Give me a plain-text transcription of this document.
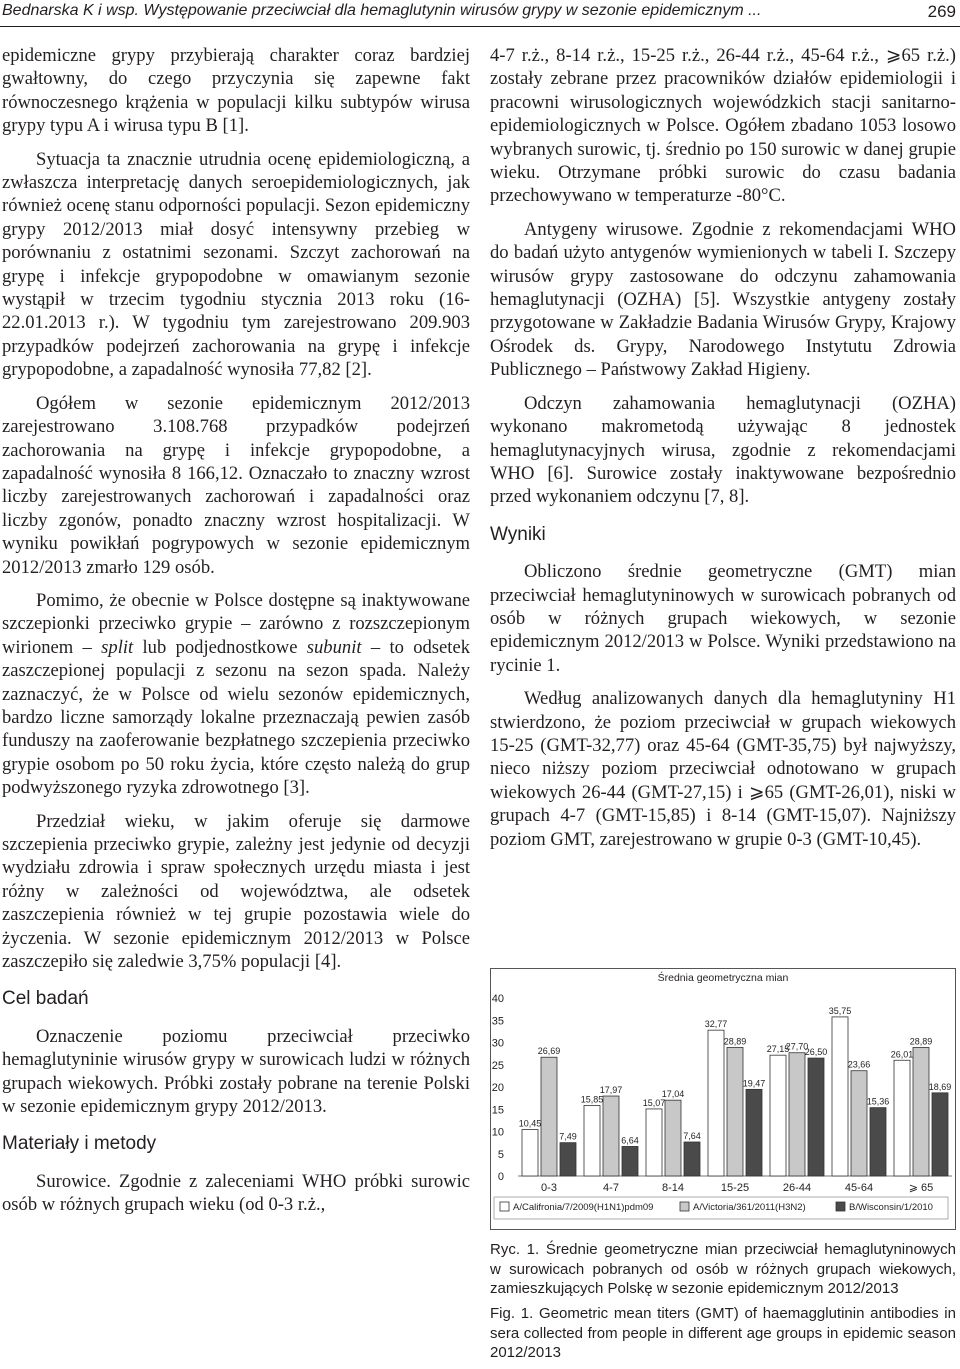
Bednarska K i wsp. Występowanie przeciwciał dla hemaglutynin wirusów grypy w sezonie epidemicznym ...	269

epidemiczne grypy przybierają charakter coraz bardziej gwałtowny, do czego przyczynia się zapewne fakt równoczesnego krążenia w populacji kilku subtypów wirusa grypy typu A i wirusa typu B [1].

Sytuacja ta znacznie utrudnia ocenę epidemiologiczną, a zwłaszcza interpretację danych seroepidemiologicznych, jak również ocenę stanu odporności populacji. Sezon epidemiczny grypy 2012/2013 miał dosyć intensywny przebieg w porównaniu z ostatnimi sezonami. Szczyt zachorowań na grypę i infekcje grypopodobne w omawianym sezonie wystąpił w trzecim tygodniu stycznia 2013 roku (16-22.01.2013 r.). W tygodniu tym zarejestrowano 209.903 przypadków podejrzeń zachorowania na grypę i infekcje grypopodobne, a zapadalność wynosiła 77,82 [2].

Ogółem w sezonie epidemicznym 2012/2013 zarejestrowano 3.108.768 przypadków podejrzeń zachorowania na grypę i infekcje grypopodobne, a zapadalność wynosiła 8 166,12. Oznaczało to znaczny wzrost liczby zarejestrowanych zachorowań i zapadalności oraz liczby zgonów, ponadto znaczny wzrost hospitalizacji. W wyniku powikłań pogrypowych w sezonie epidemicznym 2012/2013 zmarło 129 osób.

Pomimo, że obecnie w Polsce dostępne są inaktywowane szczepionki przeciwko grypie – zarówno z rozszczepionym wirionem – split lub podjednostkowe subunit – to odsetek zaszczepionej populacji z sezonu na sezon spada. Należy zaznaczyć, że w Polsce od wielu sezonów epidemicznych, bardzo liczne samorządy lokalne przeznaczają pewien zasób funduszy na zaoferowanie bezpłatnego szczepienia przeciwko grypie osobom po 50 roku życia, które często należą do grup podwyższonego ryzyka zdrowotnego [3].

Przedział wieku, w jakim oferuje się darmowe szczepienia przeciwko grypie, zależny jest jedynie od decyzji wydziału zdrowia i spraw społecznych urzędu miasta i jest różny w zależności od województwa, ale odsetek zaszczepienia również w tej grupie pozostawia wiele do życzenia. W sezonie epidemicznym 2012/2013 w Polsce zaszczepiło się zaledwie 3,75% populacji [4].

Cel badań

Oznaczenie poziomu przeciwciał przeciwko hemaglutyninie wirusów grypy w surowicach ludzi w różnych grupach wiekowych. Próbki zostały pobrane na terenie Polski w sezonie epidemicznym grypy 2012/2013.

Materiały i metody

Surowice. Zgodnie z zaleceniami WHO próbki surowic osób w różnych grupach wieku (od 0-3 r.ż.,

4-7 r.ż., 8-14 r.ż., 15-25 r.ż., 26-44 r.ż., 45-64 r.ż., ⩾65 r.ż.) zostały zebrane przez pracowników działów epidemiologii i pracowni wirusologicznych wojewódzkich stacji sanitarno-epidemiologicznych w Polsce. Ogółem zbadano 1053 losowo wybranych surowic, tj. średnio po 150 surowic w danej grupie wieku. Otrzymane próbki surowic do czasu badania przechowywano w temperaturze -80°C.

Antygeny wirusowe. Zgodnie z rekomendacjami WHO do badań użyto antygenów wymienionych w tabeli I. Szczepy wirusów grypy zastosowane do odczynu zahamowania hemaglutynacji (OZHA) [5]. Wszystkie antygeny zostały przygotowane w Zakładzie Badania Wirusów Grypy, Krajowy Ośrodek ds. Grypy, Narodowego Instytutu Zdrowia Publicznego – Państwowy Zakład Higieny.

Odczyn zahamowania hemaglutynacji (OZHA) wykonano makrometodą używając 8 jednostek hemaglutynacyjnych wirusa, zgodnie z rekomendacjami WHO [6]. Surowice zostały inaktywowane bezpośrednio przed wykonaniem odczynu [7, 8].

Wyniki

Obliczono średnie geometryczne (GMT) mian przeciwciał hemaglutyninowych w surowicach pobranych od osób w różnych grupach wiekowych, w sezonie epidemicznym 2012/2013 w Polsce. Wyniki przedstawiono na rycinie 1.

Według analizowanych danych dla hemaglutyniny H1 stwierdzono, że poziom przeciwciał w grupach wiekowych 15-25 (GMT-32,77) oraz 45-64 (GMT-35,75) był najwyższy, nieco niższy poziom przeciwciał odnotowano w grupach wiekowych 26-44 (GMT-27,15) i ⩾65 (GMT-26,01), niski w grupach 4-7 (GMT-15,85) i 8-14 (GMT-15,07). Najniższy poziom GMT, zarejestrowano w grupie 0-3 (GMT-10,45).

Średnia geometryczna mian
0
5
10
15
20
25
30
35
40
10,45
26,69
7,49
0-3
15,85
17,97
6,64
4-7
15,07
17,04
7,64
8-14
32,77
28,89
19,47
15-25
27,15
27,70
26,50
26-44
35,75
23,66
15,36
45-64
26,01
28,89
18,69
⩾ 65
A/Califronia/7/2009(H1N1)pdm09	A/Victoria/361/2011(H3N2)	B/Wisconsin/1/2010
Ryc. 1. Średnie geometryczne mian przeciwciał hemaglutyninowych w surowicach pobranych od osób w różnych grupach wiekowych, zamieszkujących Polskę w sezonie epidemicznym 2012/2013
Fig. 1. Geometric mean titers (GMT) of haemagglutinin antibodies in sera collected from people in different age groups in epidemic season 2012/2013
